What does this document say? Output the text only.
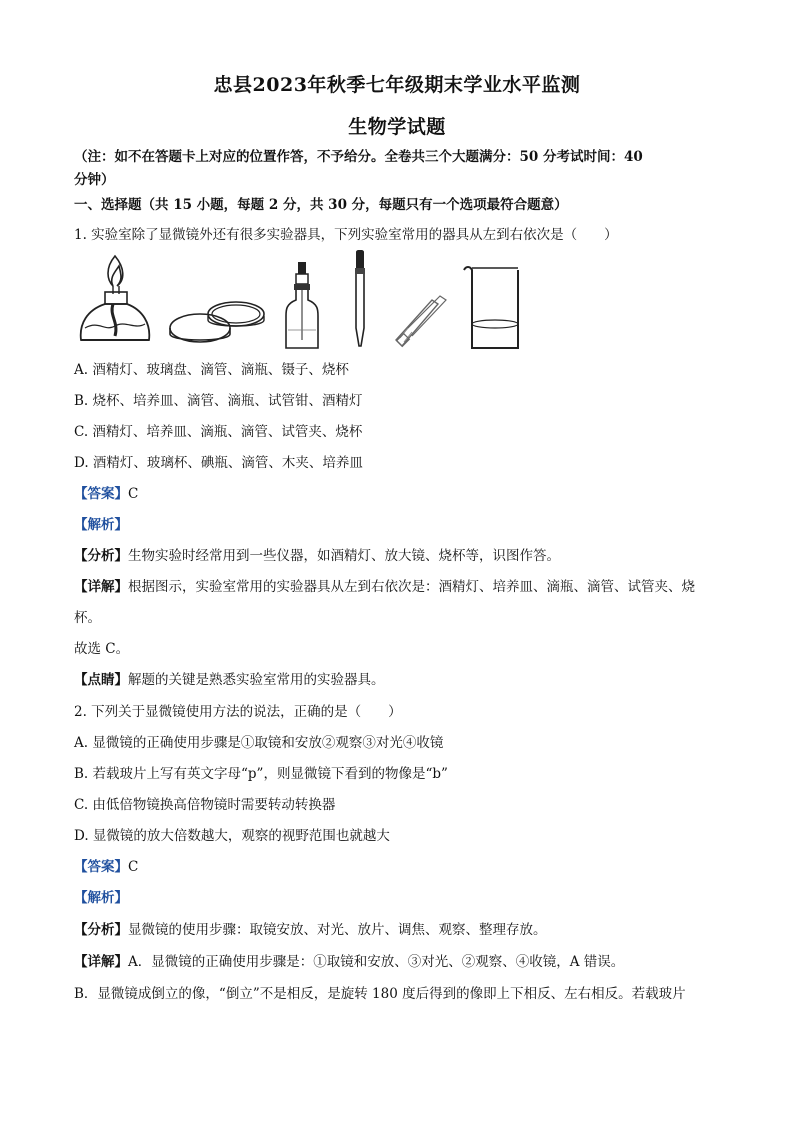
忠县2023年秋季七年级期末学业水平监测
生物学试题
（注：如不在答题卡上对应的位置作答，不予给分。全卷共三个大题满分：50 分考试时间：40
分钟）
一、选择题（共 15 小题，每题 2 分，共 30 分，每题只有一个选项最符合题意）
1. 实验室除了显微镜外还有很多实验器具，下列实验室常用的器具从左到右依次是（　　）
A. 酒精灯、玻璃盘、滴管、滴瓶、镊子、烧杯
B. 烧杯、培养皿、滴管、滴瓶、试管钳、酒精灯
C. 酒精灯、培养皿、滴瓶、滴管、试管夹、烧杯
D. 酒精灯、玻璃杯、碘瓶、滴管、木夹、培养皿
【答案】C
【解析】
【分析】生物实验时经常用到一些仪器，如酒精灯、放大镜、烧杯等，识图作答。
【详解】根据图示，实验室常用的实验器具从左到右依次是：酒精灯、培养皿、滴瓶、滴管、试管夹、烧
杯。
故选 C。
【点睛】解题的关键是熟悉实验室常用的实验器具。
2. 下列关于显微镜使用方法的说法，正确的是（　　）
A. 显微镜的正确使用步骤是①取镜和安放②观察③对光④收镜
B. 若载玻片上写有英文字母“p”，则显微镜下看到的物像是“b”
C. 由低倍物镜换高倍物镜时需要转动转换器
D. 显微镜的放大倍数越大，观察的视野范围也就越大
【答案】C
【解析】
【分析】显微镜的使用步骤：取镜安放、对光、放片、调焦、观察、整理存放。
【详解】A．显微镜的正确使用步骤是：①取镜和安放、③对光、②观察、④收镜，A 错误。
B．显微镜成倒立的像，“倒立”不是相反，是旋转 180 度后得到的像即上下相反、左右相反。若载玻片
